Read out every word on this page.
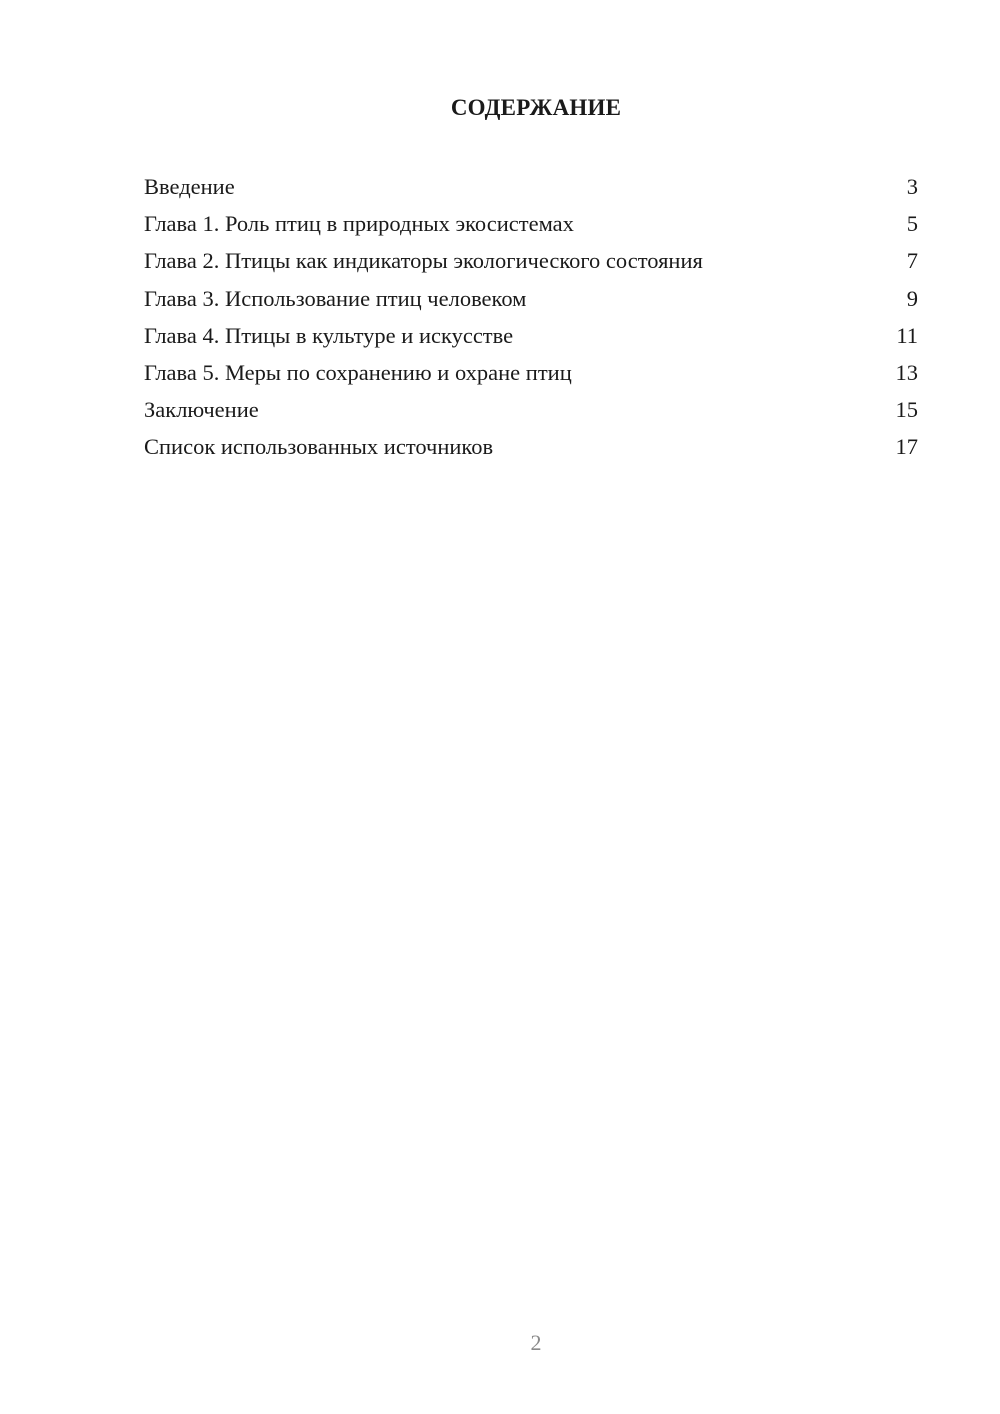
СОДЕРЖАНИЕ
Введение	3
Глава 1. Роль птиц в природных экосистемах	5
Глава 2. Птицы как индикаторы экологического состояния	7
Глава 3. Использование птиц человеком	9
Глава 4. Птицы в культуре и искусстве	11
Глава 5. Меры по сохранению и охране птиц	13
Заключение	15
Список использованных источников	17
2
